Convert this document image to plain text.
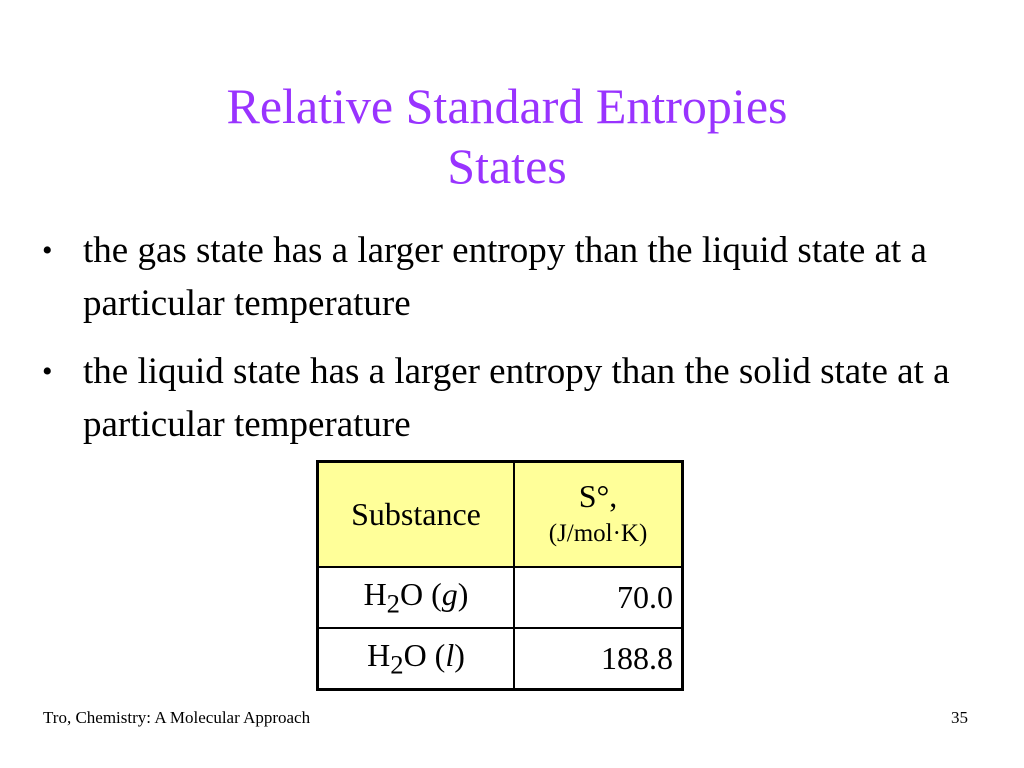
Relative Standard Entropies
States
• the gas state has a larger entropy than the liquid state at a particular temperature
• the liquid state has a larger entropy than the solid state at a particular temperature
Substance	S°,
(J/mol·K)

$H_2O$ (g)	70.0
$H_2O$ (l)	188.8
Tro, Chemistry: A Molecular Approach	35
